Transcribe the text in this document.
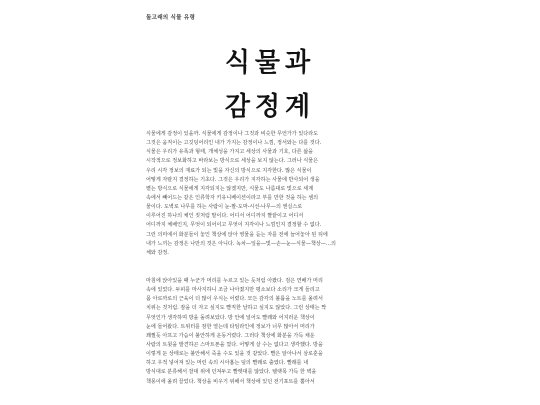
돌고래의 식물 유령
식물과
감정계
식물에게 감정이 있을까. 식물에게 감정이나 그것과 비슷한 무언가가 있다라도
그것은 움직이는 고깃덩어리인 내가 가지는 감정이나 느낌, 정서와는 다를 것다.
식물은 우리가 유폭과 형태, 개체성을 가지고 세상의 사물과 기호, 다른 삶을
시작적으로 정보화하고 바라보는 방식으로 세상을 보지 않는다. 그러나 식물은
우리 시각 정보의 재료가 되는 빛을 자신의 방식으로 지각한다. 많은 식물이
어떻게 자랄지 결정하는 기초다. 그것은 우리가 지각하는 사물에 반사되어 생을
뻗는 방식으로 식물에게 지각되지는 않겠지만, 식물도 나름대로 빛으로 세계
속에서 빼어드는 같은 인류학자 키유니베이션이라고 부를 만한 것을 하는 셈의
물이다. 도벽로 나무를 하는 사람이 눈-팔-도막-시선-나무—의 앤실스로
이루어진 하나의 체인 짓처럼 말이다. 어디서 어디까지 짤끝이고 어디서
어디까지 체배인지, 무엇이 되어이고 무엇이 지각이나 느낌인지 결정할 수 없다.
그런 의미에서 화분들이 놓인 책상에 앉아 영물을 듣는 자를 전에 늘어놓아 된 뒤에
내가 느끼는 감정은 나만의 것은 아니다. 녹차—잎을—빛—손—눈—식물—책상—…의
체와 감정.
마침에 앉아있을 때 누군가 머리를 누르고 있는 듯처럼 아팠다. 검은 연배가 머리
속에 있었다. 두피를 마사지하니 조금 나아졌지만 평소보다 소리가 크게 들리고
몸 아로까로의 근육이 더 많이 우식는 어렸다. 모든 감각의 볼륨을 노트를 올려서
치위는 것처럼. 잠을 더 자고 싶지도 빨직한 날하고 싶지도 않았다. 그런 상태는 짝
무엇인가 생각하며 방을 돌려보았다. 방 안에 널어도 빨래와 어지러운 책상이
눈에 들어왔다. 트위터를 잠한 열는데 타임라인에 정보가 너무 많아서 머리가
꽤찔듯 아프고 가슴이 불안하게 운동거렸다. 그러다 책상에 화분을 가득 채운
사람의 트윗을 발견하곤 스마트폰을 껐다. 어떻게 살 수는 없다고 생각했다. 방을
이렇게 둔 상태로는 불안해서 죽을 수도 있을 것 같았다. 빨은 알아나서 삼로훈을
하고 우적 넣어져 있는 머런 속의 시아홈는 덮의 빨래로 출였다. 빨래를 내
방식대로 분류해서 잘대 위에 던져두고 빨렛대를 않았다. 텔랫목 가득 한 벽을
책몽이에 올려 끌었다. 책상을 비우기 위해서 책상에 있던 전기포트를 뿜아서
